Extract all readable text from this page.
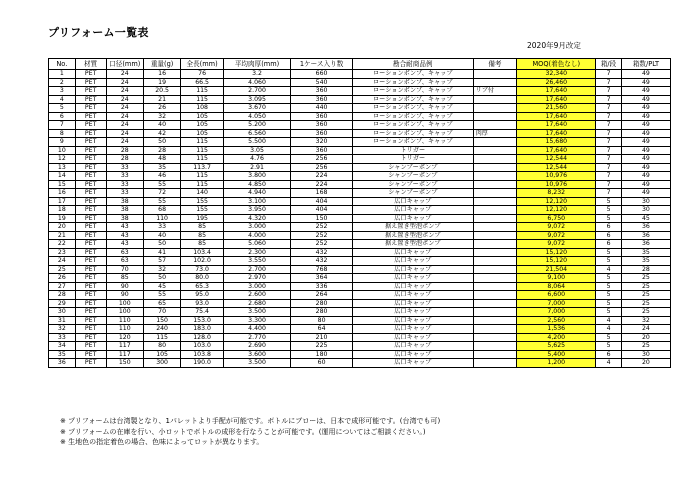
プリフォーム一覧表
2020年9月改定
No.	材質	口径(mm)	重量(g)	全長(mm)	平均肉厚(mm)	1ケース入り数	勘合耐商品例	備考	MOQ(着色なし)	箱/段	箱数/PLT
1	PET	24	16	76	3.2	660	ローションポンプ、キャップ		32,340	7	49
2	PET	24	19	66.5	4.060	540	ローションポンプ、キャップ		26,460	7	49
3	PET	24	20.5	115	2.700	360	ローションポンプ、キャップ	リブ付	17,640	7	49
4	PET	24	21	115	3.095	360	ローションポンプ、キャップ		17,640	7	49
5	PET	24	26	108	3.670	440	ローションポンプ、キャップ		21,560	7	49
6	PET	24	32	105	4.050	360	ローションポンプ、キャップ		17,640	7	49
7	PET	24	40	105	5.200	360	ローションポンプ、キャップ		17,640	7	49
8	PET	24	42	105	6.560	360	ローションポンプ、キャップ	肉厚	17,640	7	49
9	PET	24	50	115	5.500	320	ローションポンプ、キャップ		15,680	7	49
10	PET	28	28	115	3.05	360	トリガー		17,640	7	49
12	PET	28	48	115	4.76	256	トリガー		12,544	7	49
13	PET	33	35	113.7	2.91	256	シャンプーポンプ		12,544	7	49
14	PET	33	46	115	3.800	224	シャンプーポンプ		10,976	7	49
15	PET	33	55	115	4.850	224	シャンプーポンプ		10,976	7	49
16	PET	33	72	140	4.940	168	シャンプーポンプ		8,232	7	49
17	PET	38	55	155	3.100	404	広口キャップ		12,120	5	30
18	PET	38	68	155	3.950	404	広口キャップ		12,120	5	30
19	PET	38	110	195	4.320	150	広口キャップ		6,750	5	45
20	PET	43	33	85	3.000	252	据え置き型泡ポンプ		9,072	6	36
21	PET	43	40	85	4.000	252	据え置き型泡ポンプ		9,072	6	36
22	PET	43	50	85	5.060	252	据え置き型泡ポンプ		9,072	6	36
23	PET	63	41	103.4	2.300	432	広口キャップ		15,120	5	35
24	PET	63	57	102.0	3.550	432	広口キャップ		15,120	5	35
25	PET	70	32	73.0	2.700	768	広口キャップ		21,504	4	28
26	PET	85	50	80.0	2.970	364	広口キャップ		9,100	5	25
27	PET	90	45	65.3	3.000	336	広口キャップ		8,064	5	25
28	PET	90	55	95.0	2.600	264	広口キャップ		6,600	5	25
29	PET	100	65	93.0	2.680	280	広口キャップ		7,000	5	25
30	PET	100	70	75.4	3.500	280	広口キャップ		7,000	5	25
31	PET	110	150	153.0	3.300	80	広口キャップ		2,560	4	32
32	PET	110	240	183.0	4.400	64	広口キャップ		1,536	4	24
33	PET	120	115	128.0	2.770	210	広口キャップ		4,200	5	20
34	PET	117	80	103.0	2.690	225	広口キャップ		5,625	5	25
35	PET	117	105	103.8	3.600	180	広口キャップ		5,400	6	30
36	PET	150	300	190.0	3.500	60	広口キャップ		1,200	4	20
※ プリフォームは台湾製となり、1パレットより手配が可能です。ボトルにブローは、日本で成形可能です。(台湾でも可)
※ プリフォームの在庫を行い、小ロットでボトルの成形を行なうことが可能です。(運用についてはご相談ください。)
※ 生地色の指定着色の場合、色味によってロットが異なります。
